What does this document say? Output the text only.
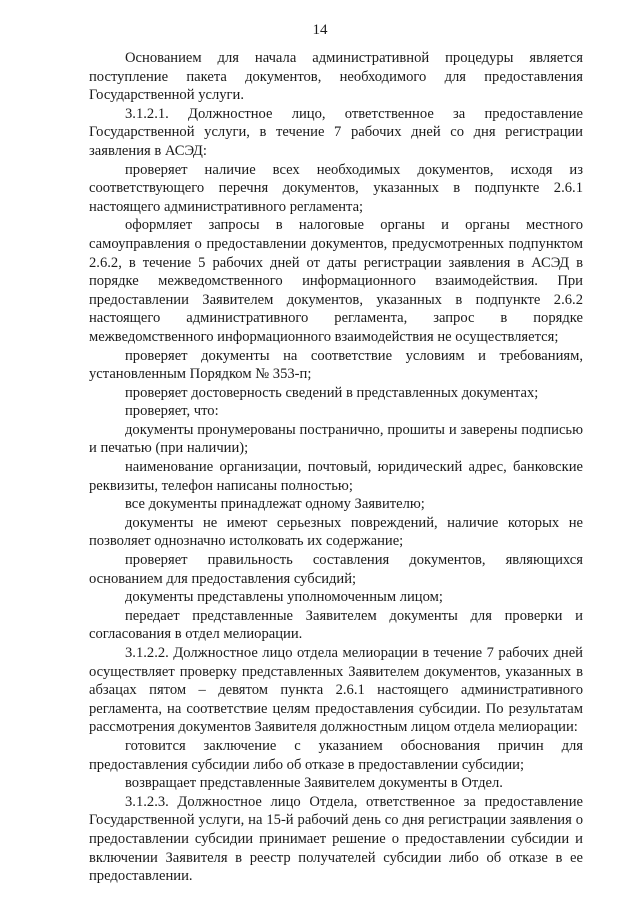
14

Основанием для начала административной процедуры является поступление пакета документов, необходимого для предоставления Государственной услуги.

3.1.2.1. Должностное лицо, ответственное за предоставление Государственной услуги, в течение 7 рабочих дней со дня регистрации заявления в АСЭД:

проверяет наличие всех необходимых документов, исходя из соответствующего перечня документов, указанных в подпункте 2.6.1 настоящего административного регламента;

оформляет запросы в налоговые органы и органы местного самоуправления о предоставлении документов, предусмотренных подпунктом 2.6.2, в течение 5 рабочих дней от даты регистрации заявления в АСЭД в порядке межведомственного информационного взаимодействия. При предоставлении Заявителем документов, указанных в подпункте 2.6.2 настоящего административного регламента, запрос в порядке межведомственного информационного взаимодействия не осуществляется;

проверяет документы на соответствие условиям и требованиям, установленным Порядком № 353-п;

проверяет достоверность сведений в представленных документах;

проверяет, что:

документы пронумерованы постранично, прошиты и заверены подписью и печатью (при наличии);

наименование организации, почтовый, юридический адрес, банковские реквизиты, телефон написаны полностью;

все документы принадлежат одному Заявителю;

документы не имеют серьезных повреждений, наличие которых не позволяет однозначно истолковать их содержание;

проверяет правильность составления документов, являющихся основанием для предоставления субсидий;

документы представлены уполномоченным лицом;

передает представленные Заявителем документы для проверки и согласования в отдел мелиорации.

3.1.2.2. Должностное лицо отдела мелиорации в течение 7 рабочих дней осуществляет проверку представленных Заявителем документов, указанных в абзацах пятом – девятом пункта 2.6.1 настоящего административного регламента, на соответствие целям предоставления субсидии. По результатам рассмотрения документов Заявителя должностным лицом отдела мелиорации:

готовится заключение с указанием обоснования причин для предоставления субсидии либо об отказе в предоставлении субсидии;

возвращает представленные Заявителем документы в Отдел.

3.1.2.3. Должностное лицо Отдела, ответственное за предоставление Государственной услуги, на 15-й рабочий день со дня регистрации заявления о предоставлении субсидии принимает решение о предоставлении субсидии и включении Заявителя в реестр получателей субсидии либо об отказе в ее предоставлении.
